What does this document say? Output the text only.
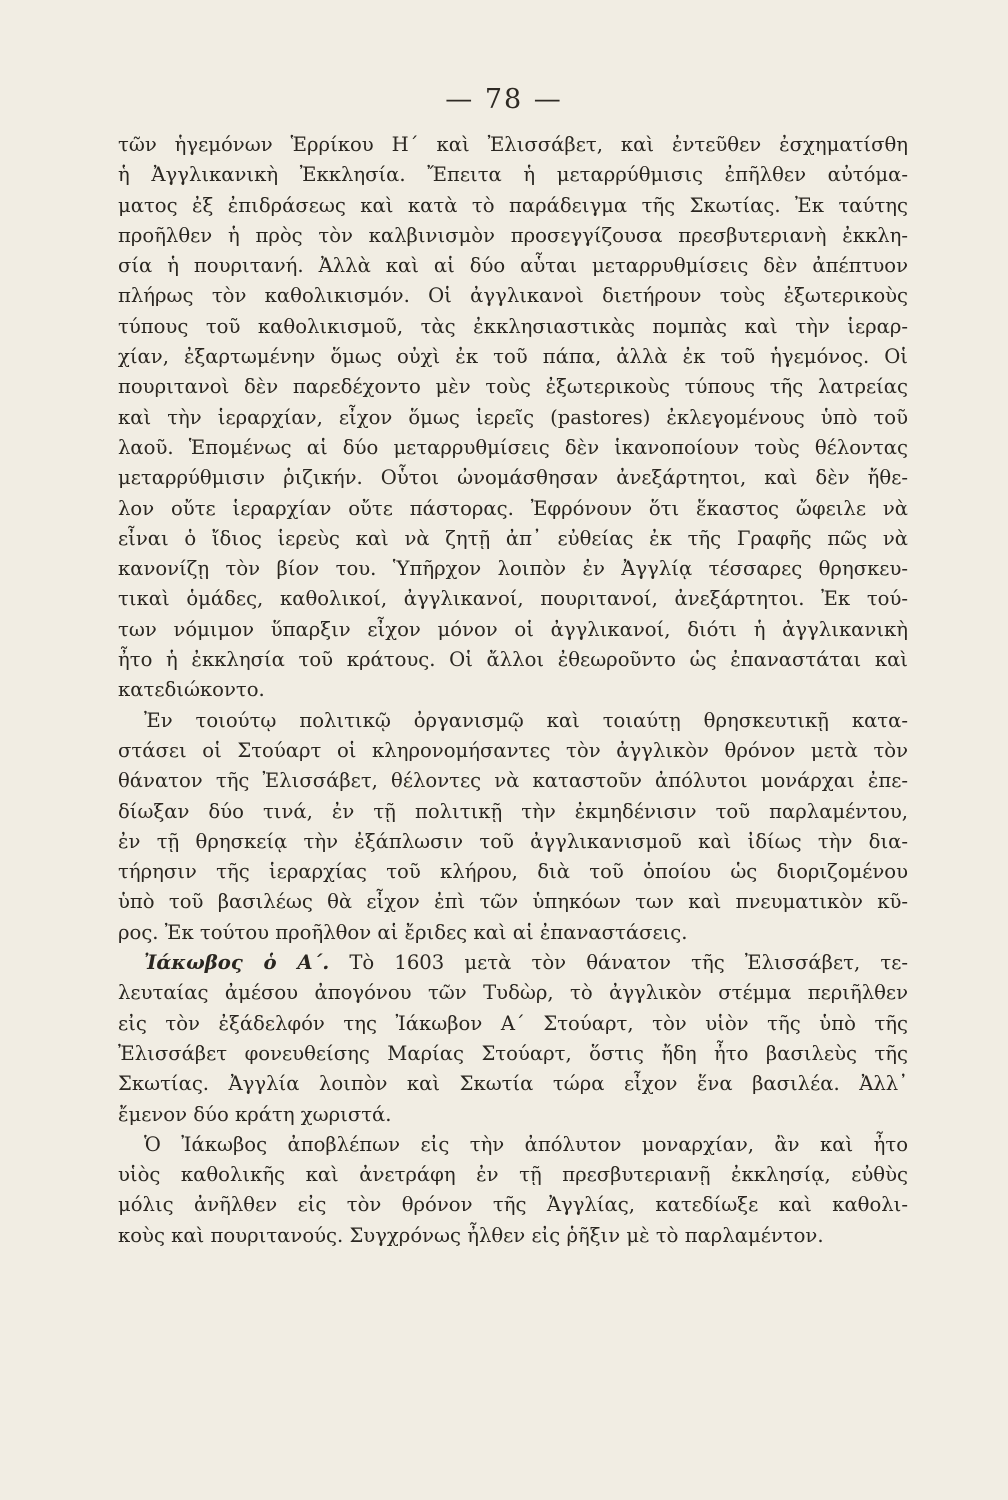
— 78 —
τῶν ἡγεμόνων Ἑρρίκου Η΄ καὶ Ἐλισσάβετ, καὶ ἐντεῦθεν ἐσχηματίσθη
ἡ Ἀγγλικανικὴ Ἐκκλησία. Ἔπειτα ἡ μεταρρύθμισις ἐπῆλθεν αὐτόμα-
ματος ἐξ ἐπιδράσεως καὶ κατὰ τὸ παράδειγμα τῆς Σκωτίας. Ἐκ ταύτης
προῆλθεν ἡ πρὸς τὸν καλβινισμὸν προσεγγίζουσα πρεσβυτεριανὴ ἐκκλη-
σία ἡ πουριτανή. Ἀλλὰ καὶ αἱ δύο αὗται μεταρρυθμίσεις δὲν ἀπέπτυον
πλήρως τὸν καθολικισμόν. Οἱ ἀγγλικανοὶ διετήρουν τοὺς ἐξωτερικοὺς
τύπους τοῦ καθολικισμοῦ, τὰς ἐκκλησιαστικὰς πομπὰς καὶ τὴν ἱεραρ-
χίαν, ἐξαρτωμένην ὅμως οὐχὶ ἐκ τοῦ πάπα, ἀλλὰ ἐκ τοῦ ἡγεμόνος. Οἱ
πουριτανοὶ δὲν παρεδέχοντο μὲν τοὺς ἐξωτερικοὺς τύπους τῆς λατρείας
καὶ τὴν ἱεραρχίαν, εἶχον ὅμως ἱερεῖς (pastores) ἐκλεγομένους ὑπὸ τοῦ
λαοῦ. Ἑπομένως αἱ δύο μεταρρυθμίσεις δὲν ἱκανοποίουν τοὺς θέλοντας
μεταρρύθμισιν ῥιζικήν. Οὗτοι ὠνομάσθησαν ἀνεξάρτητοι, καὶ δὲν ἤθε-
λον οὔτε ἱεραρχίαν οὔτε πάστορας. Ἐφρόνουν ὅτι ἕκαστος ὤφειλε νὰ
εἶναι ὁ ἴδιος ἱερεὺς καὶ νὰ ζητῇ ἀπ᾽ εὐθείας ἐκ τῆς Γραφῆς πῶς νὰ
κανονίζῃ τὸν βίον του. Ὑπῆρχον λοιπὸν ἐν Ἀγγλίᾳ τέσσαρες θρησκευ-
τικαὶ ὁμάδες, καθολικοί, ἀγγλικανοί, πουριτανοί, ἀνεξάρτητοι. Ἐκ τού-
των νόμιμον ὕπαρξιν εἶχον μόνον οἱ ἀγγλικανοί, διότι ἡ ἀγγλικανικὴ
ἦτο ἡ ἐκκλησία τοῦ κράτους. Οἱ ἄλλοι ἐθεωροῦντο ὡς ἐπαναστάται καὶ
κατεδιώκοντο.
Ἐν τοιούτῳ πολιτικῷ ὀργανισμῷ καὶ τοιαύτῃ θρησκευτικῇ κατα-
στάσει οἱ Στούαρτ οἱ κληρονομήσαντες τὸν ἀγγλικὸν θρόνον μετὰ τὸν
θάνατον τῆς Ἐλισσάβετ, θέλοντες νὰ καταστοῦν ἀπόλυτοι μονάρχαι ἐπε-
δίωξαν δύο τινά, ἐν τῇ πολιτικῇ τὴν ἐκμηδένισιν τοῦ παρλαμέντου,
ἐν τῇ θρησκείᾳ τὴν ἐξάπλωσιν τοῦ ἀγγλικανισμοῦ καὶ ἰδίως τὴν δια-
τήρησιν τῆς ἱεραρχίας τοῦ κλήρου, διὰ τοῦ ὁποίου ὡς διοριζομένου
ὑπὸ τοῦ βασιλέως θὰ εἶχον ἐπὶ τῶν ὑπηκόων των καὶ πνευματικὸν κῦ-
ρος. Ἐκ τούτου προῆλθον αἱ ἔριδες καὶ αἱ ἐπαναστάσεις.
Ἰάκωβος ὁ Α΄. Τὸ 1603 μετὰ τὸν θάνατον τῆς Ἐλισσάβετ, τε-
λευταίας ἀμέσου ἀπογόνου τῶν Τυδὼρ, τὸ ἀγγλικὸν στέμμα περιῆλθεν
εἰς τὸν ἐξάδελφόν της Ἰάκωβον Α΄ Στούαρτ, τὸν υἱὸν τῆς ὑπὸ τῆς
Ἐλισσάβετ φονευθείσης Μαρίας Στούαρτ, ὅστις ἤδη ἦτο βασιλεὺς τῆς
Σκωτίας. Ἀγγλία λοιπὸν καὶ Σκωτία τώρα εἶχον ἕνα βασιλέα. Ἀλλ᾽
ἔμενον δύο κράτη χωριστά.
Ὁ Ἰάκωβος ἀποβλέπων εἰς τὴν ἀπόλυτον μοναρχίαν, ἂν καὶ ἦτο
υἱὸς καθολικῆς καὶ ἀνετράφη ἐν τῇ πρεσβυτεριανῇ ἐκκλησίᾳ, εὐθὺς
μόλις ἀνῆλθεν εἰς τὸν θρόνον τῆς Ἀγγλίας, κατεδίωξε καὶ καθολι-
κοὺς καὶ πουριτανούς. Συγχρόνως ἦλθεν εἰς ῥῆξιν μὲ τὸ παρλαμέντον.
